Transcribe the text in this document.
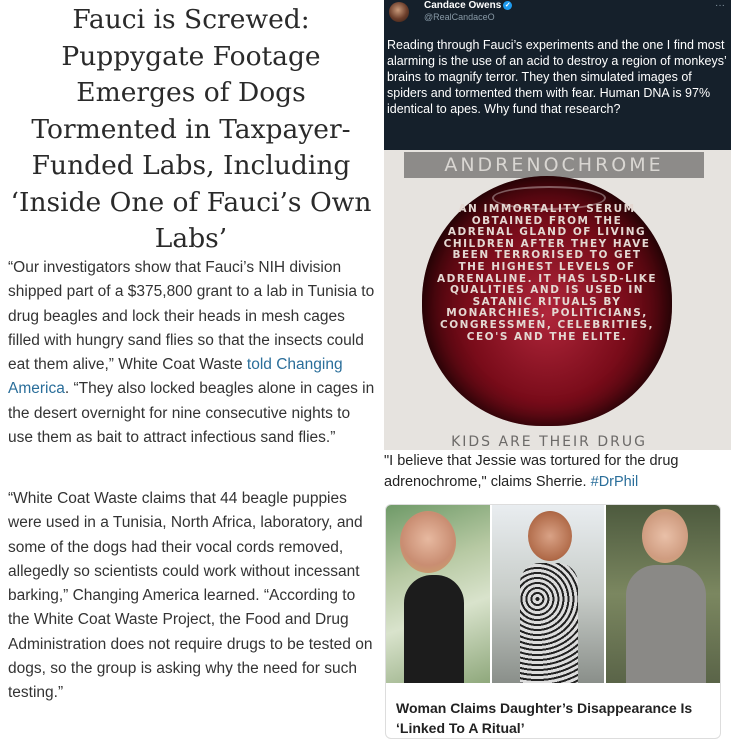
Fauci is Screwed: Puppygate Footage Emerges of Dogs Tormented in Taxpayer-Funded Labs, Including ‘Inside One of Fauci’s Own Labs’
“Our investigators show that Fauci’s NIH division shipped part of a $375,800 grant to a lab in Tunisia to drug beagles and lock their heads in mesh cages filled with hungry sand flies so that the insects could eat them alive,” White Coat Waste told Changing America. “They also locked beagles alone in cages in the desert overnight for nine consecutive nights to use them as bait to attract infectious sand flies.”
“White Coat Waste claims that 44 beagle puppies were used in a Tunisia, North Africa, laboratory, and some of the dogs had their vocal cords removed, allegedly so scientists could work without incessant barking,” Changing America learned. “According to the White Coat Waste Project, the Food and Drug Administration does not require drugs to be tested on dogs, so the group is asking why the need for such testing.”
Candace Owens ✓
@RealCandaceO
···
Reading through Fauci’s experiments and the one I find most alarming is the use of an acid to destroy a region of monkeys’ brains to magnify terror. They then simulated images of spiders and tormented them with fear. Human DNA is 97% identical to apes. Why fund that research?
ANDRENOCHROME
AN IMMORTALITY SERUM OBTAINED FROM THE ADRENAL GLAND OF LIVING CHILDREN AFTER THEY HAVE BEEN TERRORISED TO GET THE HIGHEST LEVELS OF ADRENALINE. IT HAS LSD-LIKE QUALITIES AND IS USED IN SATANIC RITUALS BY MONARCHIES, POLITICIANS, CONGRESSMEN, CELEBRITIES, CEO'S AND THE ELITE.
KIDS ARE THEIR DRUG
"I believe that Jessie was tortured for the drug adrenochrome," claims Sherrie. #DrPhil
Woman Claims Daughter’s Disappearance Is ‘Linked To A Ritual’
